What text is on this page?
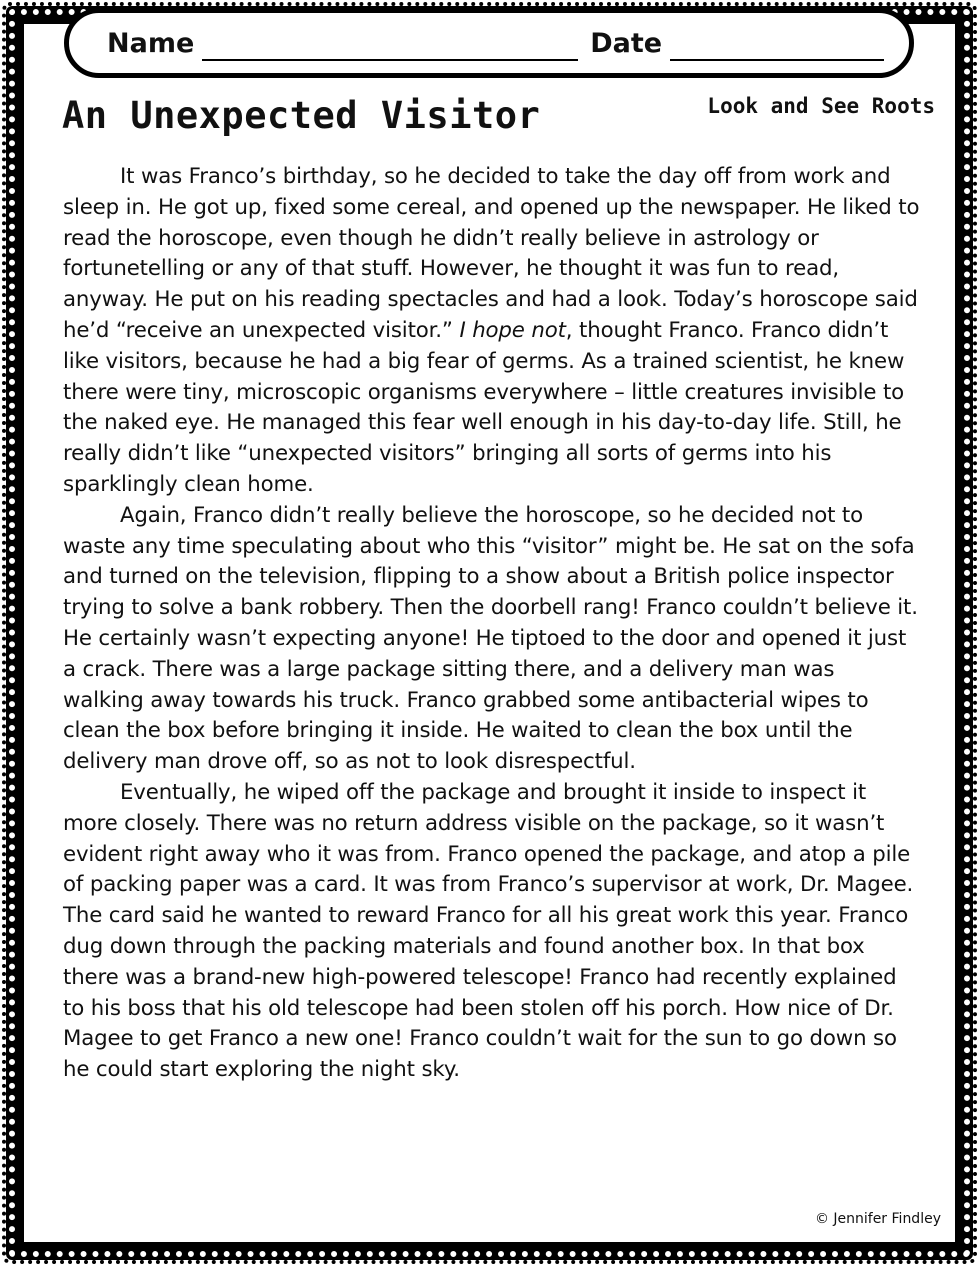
Name	Date
An Unexpected Visitor	Look and See Roots

It was Franco’s birthday, so he decided to take the day off from work and sleep in. He got up, fixed some cereal, and opened up the newspaper. He liked to read the horoscope, even though he didn’t really believe in astrology or fortunetelling or any of that stuff. However, he thought it was fun to read, anyway. He put on his reading spectacles and had a look. Today’s horoscope said he’d “receive an unexpected visitor.” I hope not, thought Franco. Franco didn’t like visitors, because he had a big fear of germs. As a trained scientist, he knew there were tiny, microscopic organisms everywhere – little creatures invisible to the naked eye. He managed this fear well enough in his day-to-day life. Still, he really didn’t like “unexpected visitors” bringing all sorts of germs into his sparklingly clean home.

Again, Franco didn’t really believe the horoscope, so he decided not to waste any time speculating about who this “visitor” might be. He sat on the sofa and turned on the television, flipping to a show about a British police inspector trying to solve a bank robbery. Then the doorbell rang! Franco couldn’t believe it. He certainly wasn’t expecting anyone! He tiptoed to the door and opened it just a crack. There was a large package sitting there, and a delivery man was walking away towards his truck. Franco grabbed some antibacterial wipes to clean the box before bringing it inside. He waited to clean the box until the delivery man drove off, so as not to look disrespectful.

Eventually, he wiped off the package and brought it inside to inspect it more closely. There was no return address visible on the package, so it wasn’t evident right away who it was from. Franco opened the package, and atop a pile of packing paper was a card. It was from Franco’s supervisor at work, Dr. Magee. The card said he wanted to reward Franco for all his great work this year. Franco dug down through the packing materials and found another box. In that box there was a brand-new high-powered telescope! Franco had recently explained to his boss that his old telescope had been stolen off his porch. How nice of Dr. Magee to get Franco a new one! Franco couldn’t wait for the sun to go down so he could start exploring the night sky.

© Jennifer Findley
